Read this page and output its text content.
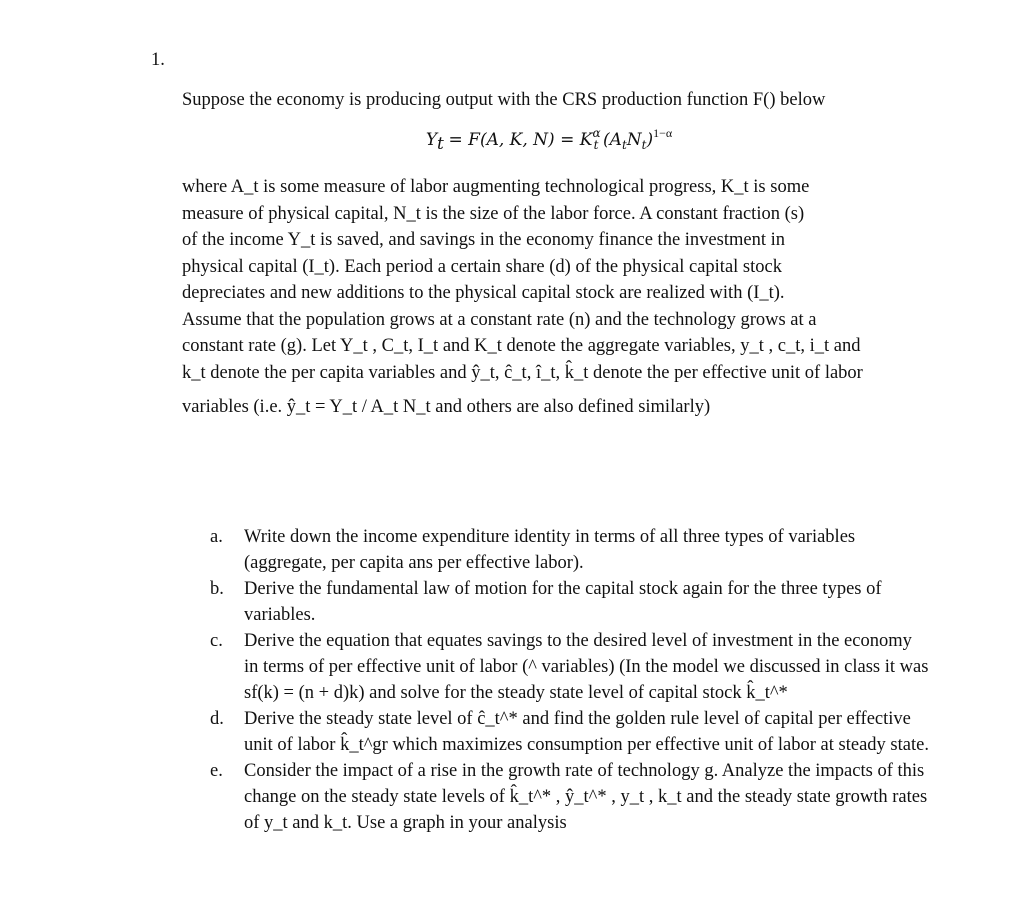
1.
Suppose the economy is producing output with the CRS production function F() below
$Y_t = F(A$, K, $N) = K^\alpha_t$ $(A_tN_t)^{1-\alpha}$
where A_t is some measure of labor augmenting technological progress, K_t is some
measure of physical capital, N_t is the size of the labor force. A constant fraction (s)
of the income Y_t is saved, and savings in the economy finance the investment in
physical capital (I_t). Each period a certain share (d) of the physical capital stock
depreciates and new additions to the physical capital stock are realized with (I_t).
Assume that the population grows at a constant rate (n) and the technology grows at a
constant rate (g). Let Y_t , C_t, I_t and K_t denote the aggregate variables, y_t , c_t, i_t and
k_t denote the per capita variables and ŷ_t, ĉ_t, î_t, k̂_t denote the per effective unit of labor
variables (i.e. ŷ_t = Y_t / A_t N_t and others are also defined similarly)
a.	Write down the income expenditure identity in terms of all three types of variables (aggregate, per capita ans per effective labor).
b.	Derive the fundamental law of motion for the capital stock again for the three types of variables.
c.	Derive the equation that equates savings to the desired level of investment in the economy in terms of per effective unit of labor (^ variables) (In the model we discussed in class it was sf(k) = (n + d)k) and solve for the steady state level of capital stock k̂_t^*
d.	Derive the steady state level of ĉ_t^* and find the golden rule level of capital per effective unit of labor k̂_t^gr which maximizes consumption per effective unit of labor at steady state.
e.	Consider the impact of a rise in the growth rate of technology g. Analyze the impacts of this change on the steady state levels of k̂_t^* , ŷ_t^* , y_t , k_t and the steady state growth rates of y_t and k_t. Use a graph in your analysis
